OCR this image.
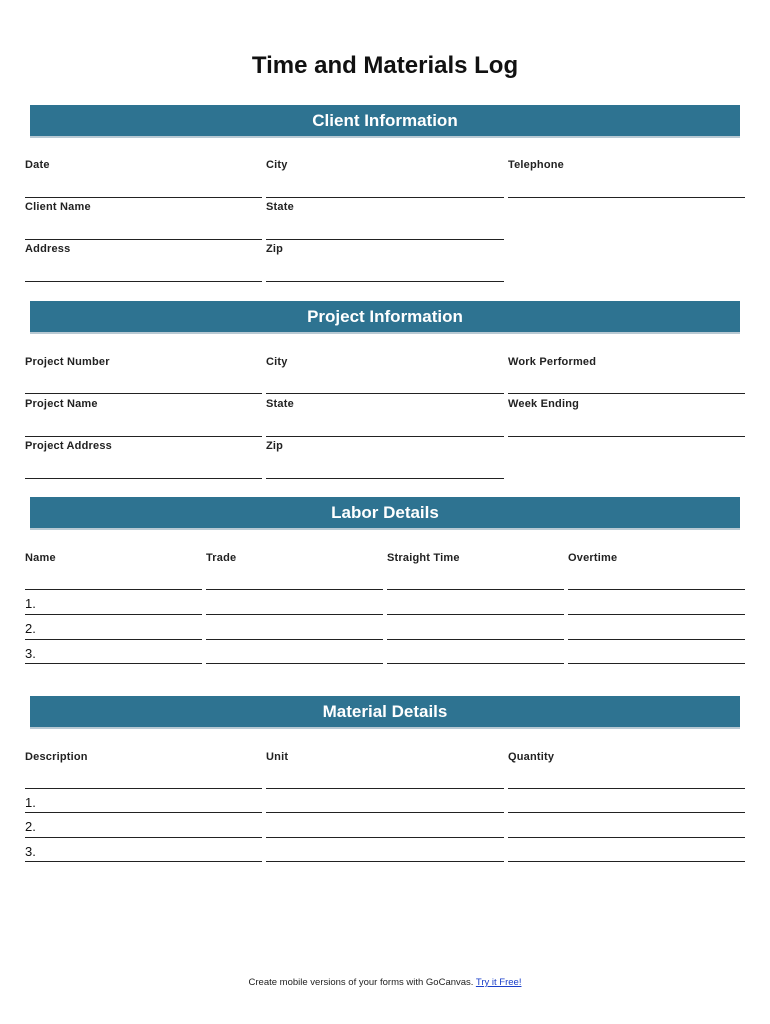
Time and Materials Log
Client Information
Date	City	Telephone
Client Name	State
Address	Zip
Project Information
Project Number	City	Work Performed
Project Name	State	Week Ending
Project Address	Zip
Labor Details
Name	Trade	Straight Time	Overtime
1.
2.
3.
Material Details
Description	Unit	Quantity
1.
2.
3.
Create mobile versions of your forms with GoCanvas. Try it Free!
